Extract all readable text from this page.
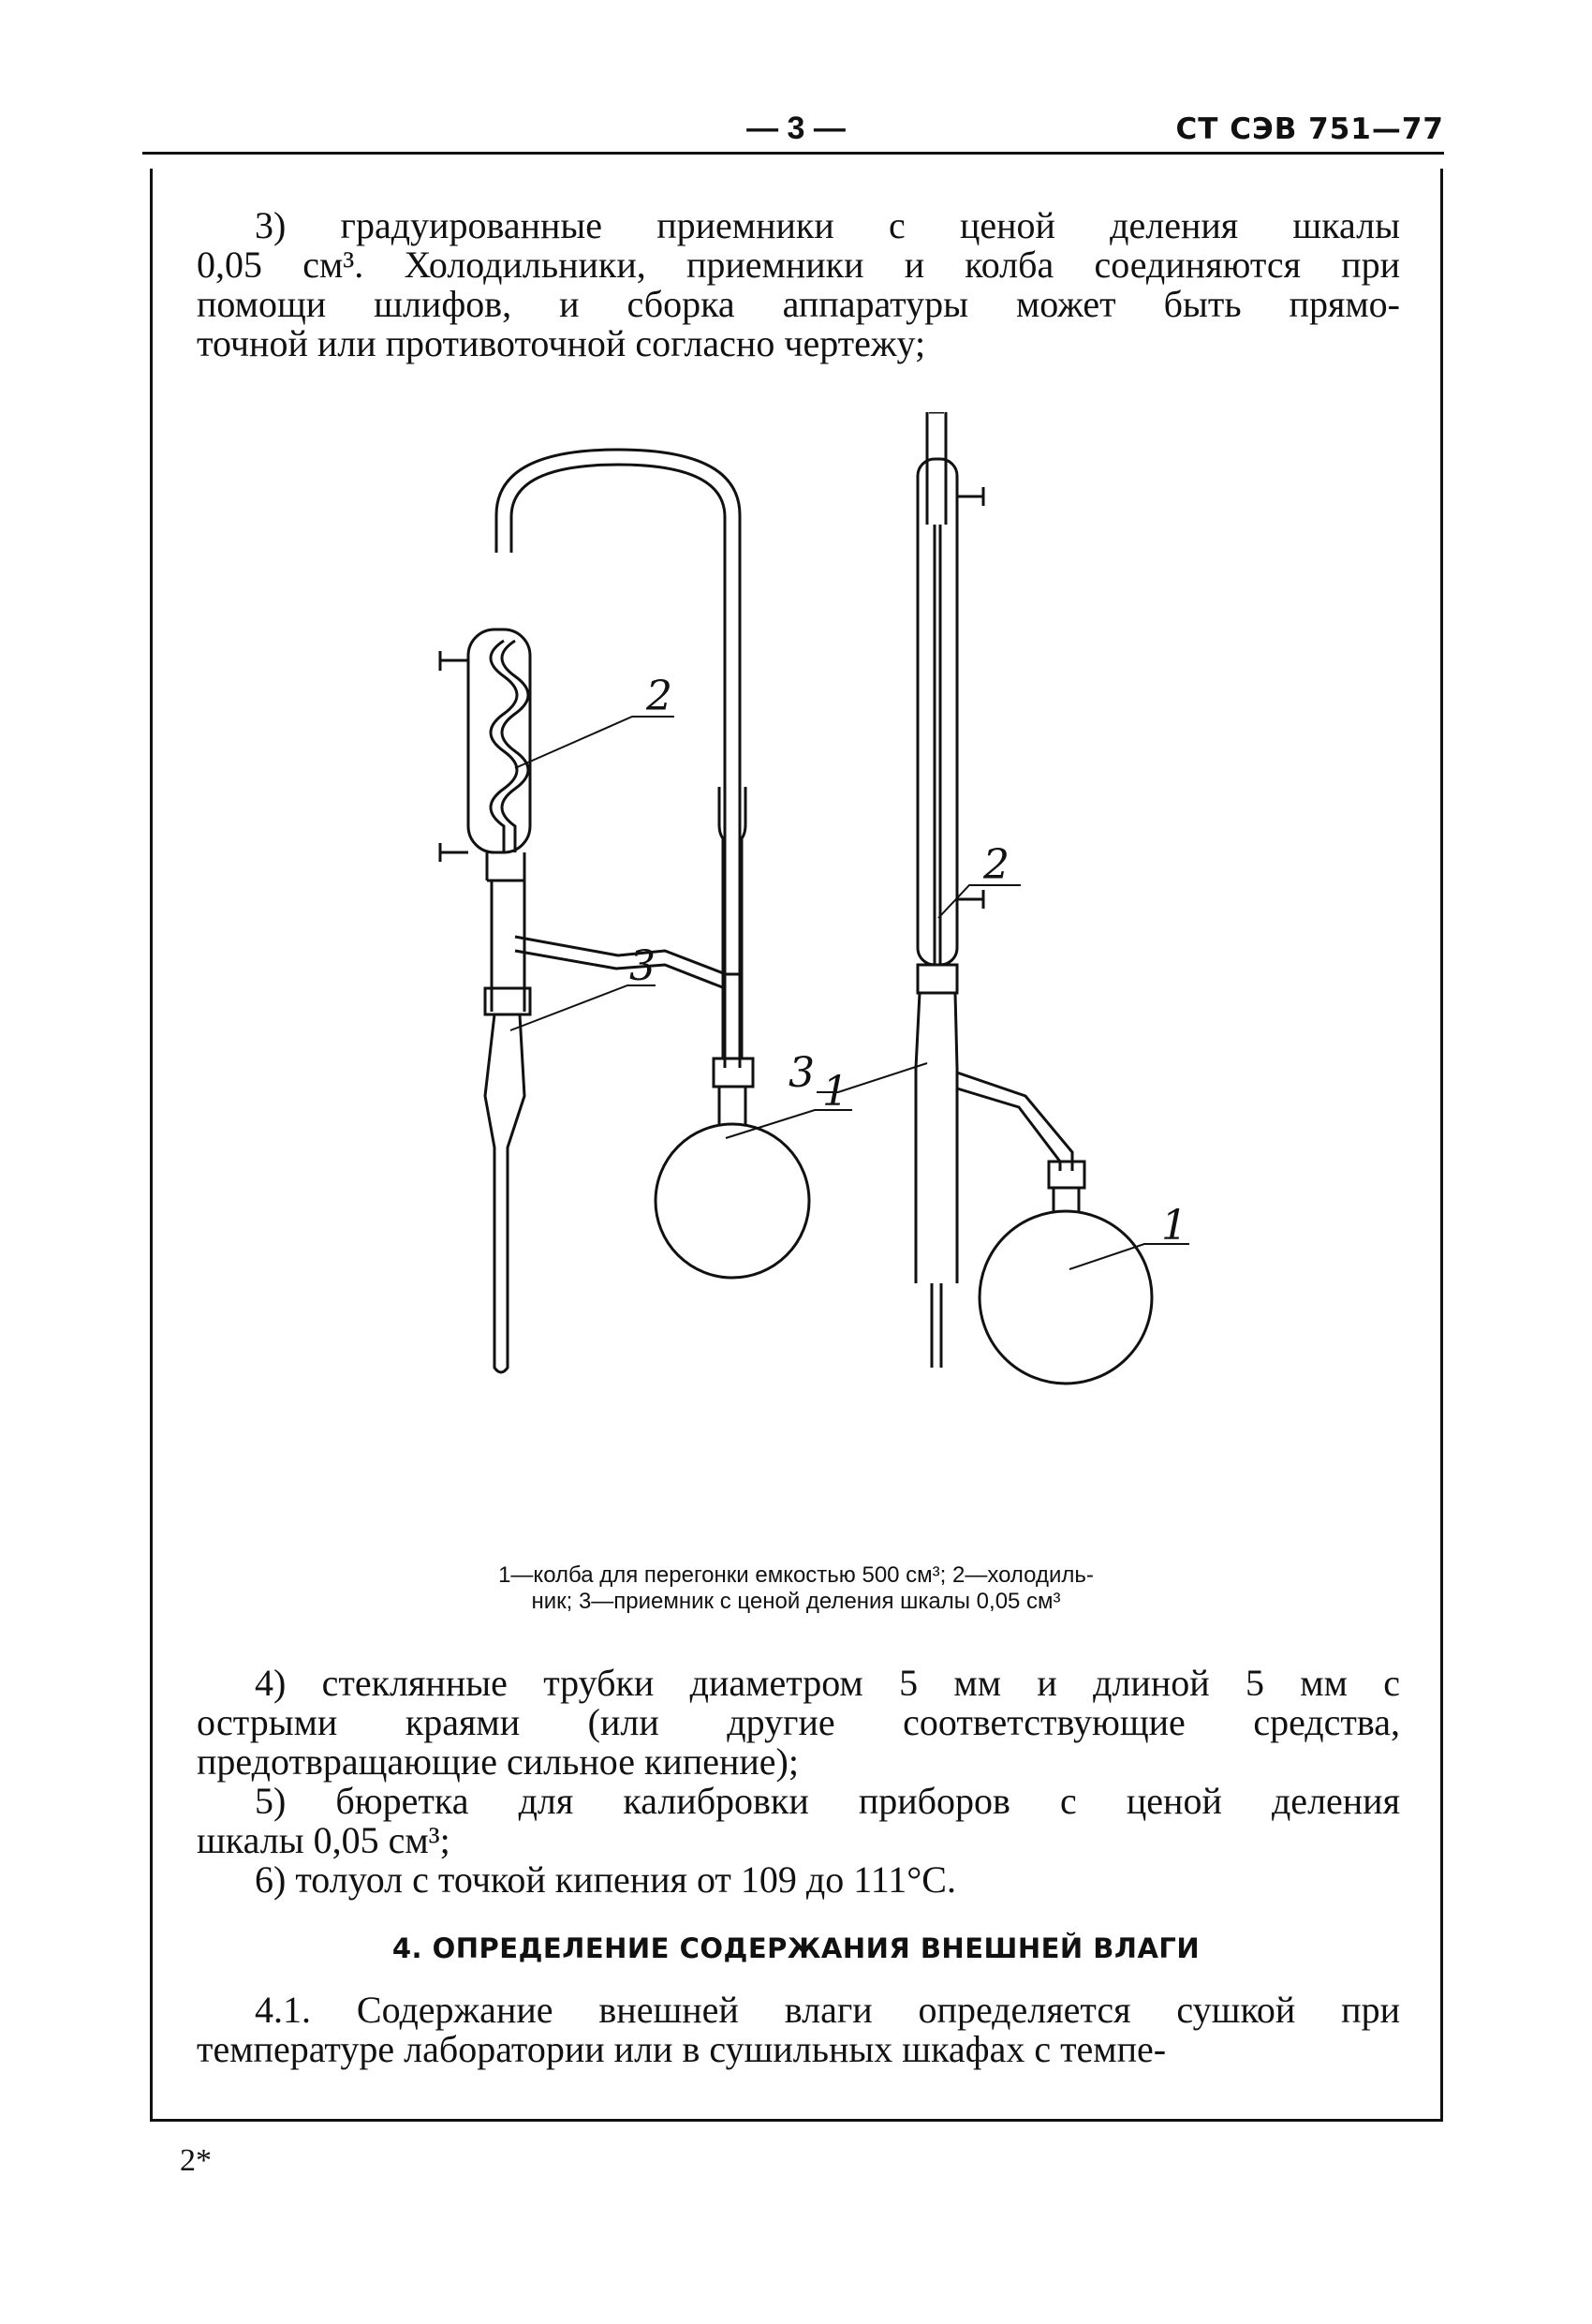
— 3 —	СТ СЭВ 751—77
3) градуированные приемники с ценой деления шкалы
0,05 см³. Холодильники, приемники и колба соединяются при
помощи шлифов, и сборка аппаратуры может быть прямо-
точной или противоточной согласно чертежу;
2
3
1
2
3
1
1—колба для перегонки емкостью 500 см³; 2—холодиль-
ник; 3—приемник с ценой деления шкалы 0,05 см³
4) стеклянные трубки диаметром 5 мм и длиной 5 мм с
острыми краями (или другие соответствующие средства,
предотвращающие сильное кипение);
5) бюретка для калибровки приборов с ценой деления
шкалы 0,05 см³;
6) толуол с точкой кипения от 109 до 111°С.
4. ОПРЕДЕЛЕНИЕ СОДЕРЖАНИЯ ВНЕШНЕЙ ВЛАГИ
4.1. Содержание внешней влаги определяется сушкой при
температуре лаборатории или в сушильных шкафах с темпе-
2*
